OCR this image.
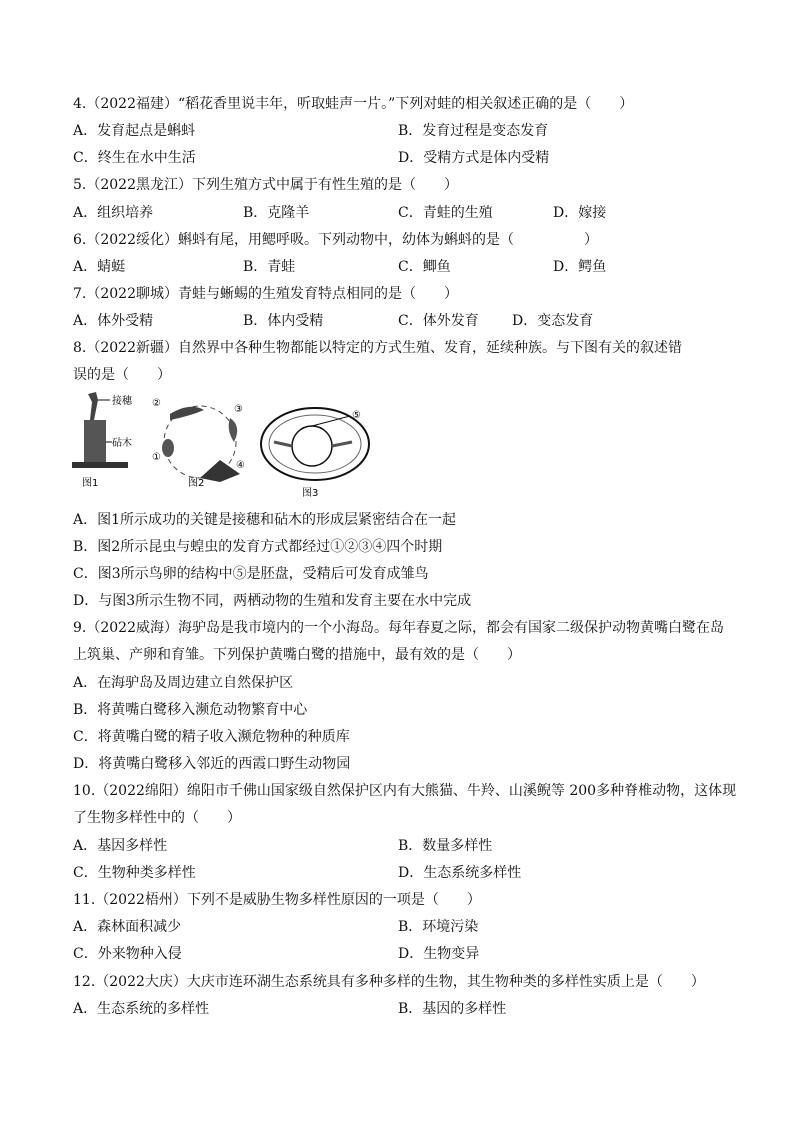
4.（2022福建）“稻花香里说丰年，听取蛙声一片。”下列对蛙的相关叙述正确的是（　　）
A．发育起点是蝌蚪	B．发育过程是变态发育
C．终生在水中生活	D．受精方式是体内受精
5.（2022黑龙江）下列生殖方式中属于有性生殖的是（　　）
A．组织培养	B．克隆羊	C．青蛙的生殖	D．嫁接
6.（2022绥化）蝌蚪有尾，用鳃呼吸。下列动物中，幼体为蝌蚪的是（　　　　　）
A．蜻蜓	B．青蛙	C．鲫鱼	D．鳄鱼
7.（2022聊城）青蛙与蜥蜴的生殖发育特点相同的是（　　）
A．体外受精	B．体内受精	C．体外发育 D．变态发育
8.（2022新疆）自然界中各种生物都能以特定的方式生殖、发育，延续种族。与下图有关的叙述错
误的是（　　）
接穗
砧木
图1
②
③
①
④
图2
⑤
图3
A．图1所示成功的关键是接穗和砧木的形成层紧密结合在一起
B．图2所示昆虫与蝗虫的发育方式都经过①②③④四个时期
C．图3所示鸟卵的结构中⑤是胚盘，受精后可发育成雏鸟
D．与图3所示生物不同，两栖动物的生殖和发育主要在水中完成
9.（2022威海）海驴岛是我市境内的一个小海岛。每年春夏之际，都会有国家二级保护动物黄嘴白鹭在岛
上筑巢、产卵和育雏。下列保护黄嘴白鹭的措施中，最有效的是（　　）
A．在海驴岛及周边建立自然保护区
B．将黄嘴白鹭移入濒危动物繁育中心
C．将黄嘴白鹭的精子收入濒危物种的种质库
D．将黄嘴白鹭移入邻近的西霞口野生动物园
10.（2022绵阳）绵阳市千佛山国家级自然保护区内有大熊猫、牛羚、山溪鲵等 200多种脊椎动物，这体现
了生物多样性中的（　　）
A．基因多样性	B．数量多样性
C．生物种类多样性	D．生态系统多样性
11.（2022梧州）下列不是威胁生物多样性原因的一项是（　　）
A．森林面积减少	B．环境污染
C．外来物种入侵	D．生物变异
12.（2022大庆）大庆市连环湖生态系统具有多种多样的生物，其生物种类的多样性实质上是（　　）
A．生态系统的多样性	B．基因的多样性
